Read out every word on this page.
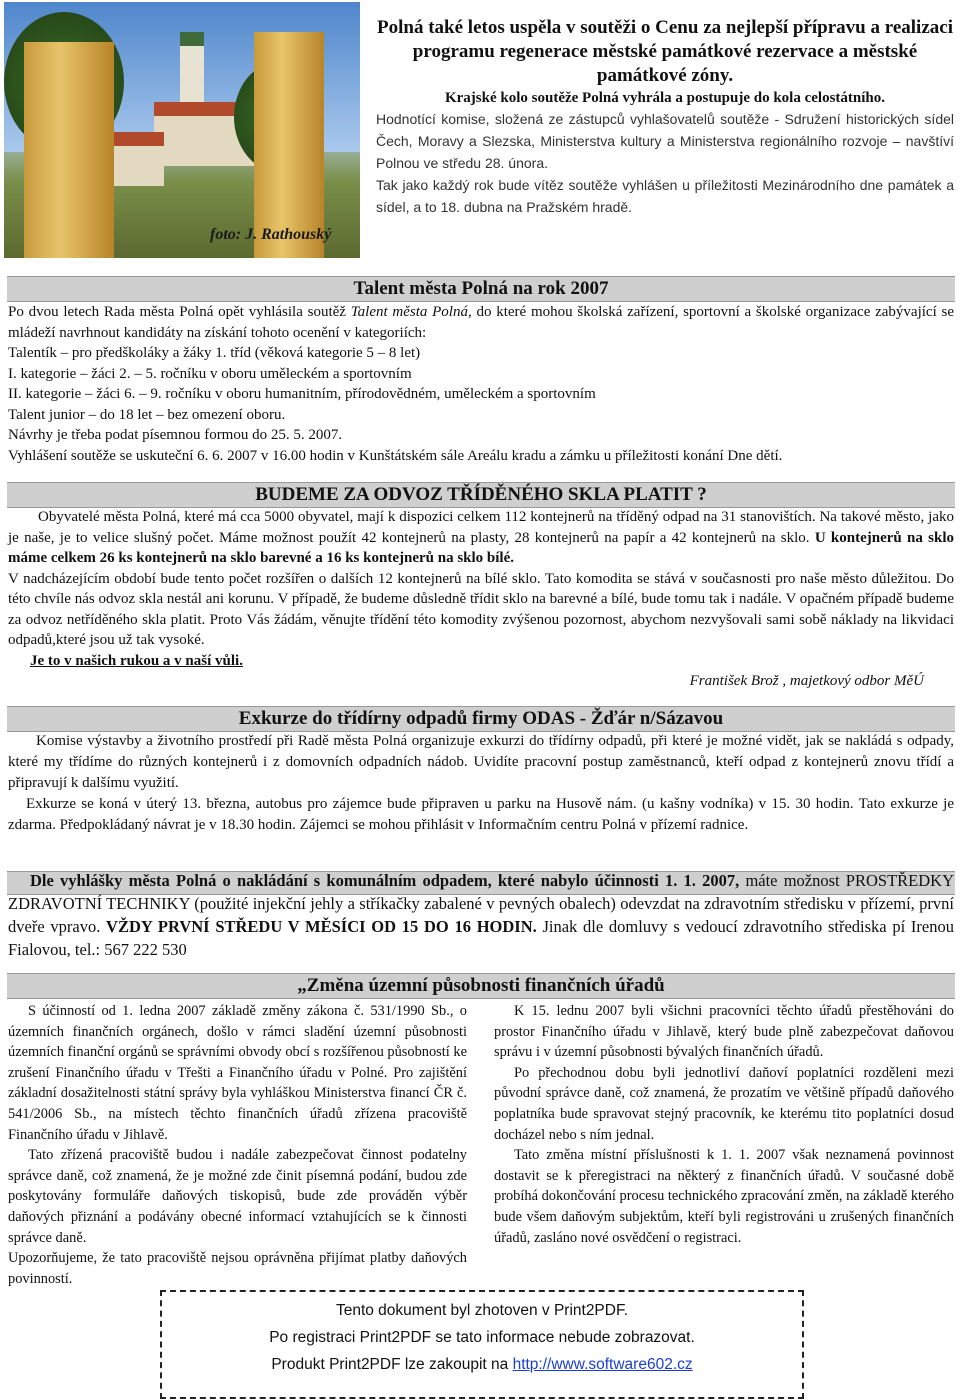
foto: J. Rathouský
Polná také letos uspěla v soutěži o Cenu za nejlepší přípravu a realizaci programu regenerace městské památkové rezervace a městské památkové zóny.
Krajské kolo soutěže Polná vyhrála a postupuje do kola celostátního.

Hodnotící komise, složená ze zástupců vyhlašovatelů soutěže - Sdružení historických sídel Čech, Moravy a Slezska, Ministerstva kultury a Ministerstva regionálního rozvoje – navštíví Polnou ve středu 28. února.

Tak jako každý rok bude vítěz soutěže vyhlášen u příležitosti Mezinárodního dne památek a sídel, a to 18. dubna na Pražském hradě.

Talent města Polná na rok 2007

Po dvou letech Rada města Polná opět vyhlásila soutěž Talent města Polná, do které mohou školská zařízení, sportovní a školské organizace zabývající se mládeží navrhnout kandidáty na získání tohoto ocenění v kategoriích:

Talentík – pro předškoláky a žáky 1. tříd (věková kategorie 5 – 8 let)

I. kategorie – žáci 2. – 5. ročníku v oboru uměleckém a sportovním

II. kategorie – žáci 6. – 9. ročníku v oboru humanitním, přírodovědném, uměleckém a sportovním

Talent junior – do 18 let – bez omezení oboru.

Návrhy je třeba podat písemnou formou do 25. 5. 2007.

Vyhlášení soutěže se uskuteční 6. 6. 2007 v 16.00 hodin v Kunštátském sále Areálu kradu a zámku u příležitosti konání Dne dětí.

BUDEME ZA ODVOZ TŘÍDĚNÉHO SKLA PLATIT ?

Obyvatelé města Polná, které má cca 5000 obyvatel, mají k dispozici celkem 112 kontejnerů na tříděný odpad na 31 stanovištích. Na takové město, jako je naše, je to velice slušný počet. Máme možnost použít 42 kontejnerů na plasty, 28 kontejnerů na papír a 42 kontejnerů na sklo. U kontejnerů na sklo máme celkem 26 ks kontejnerů na sklo barevné a 16 ks kontejnerů na sklo bílé.

V nadcházejícím období bude tento počet rozšířen o dalších 12 kontejnerů na bílé sklo. Tato komodita se stává v současnosti pro naše město důležitou. Do této chvíle nás odvoz skla nestál ani korunu. V případě, že budeme důsledně třídit sklo na barevné a bílé, bude tomu tak i nadále. V opačném případě budeme za odvoz netříděného skla platit. Proto Vás žádám, věnujte třídění této komodity zvýšenou pozornost, abychom nezvyšovali sami sobě náklady na likvidaci odpadů,které jsou už tak vysoké.

Je to v našich rukou a v naší vůli.

František Brož , majetkový odbor MěÚ

Exkurze do třídírny odpadů firmy ODAS - Žďár n/Sázavou

Komise výstavby a životního prostředí při Radě města Polná organizuje exkurzi do třídírny odpadů, při které je možné vidět, jak se nakládá s odpady, které my třídíme do různých kontejnerů i z domovních odpadních nádob. Uvidíte pracovní postup zaměstnanců, kteří odpad z kontejnerů znovu třídí a připravují k dalšímu využití.

Exkurze se koná v úterý 13. března, autobus pro zájemce bude připraven u parku na Husově nám. (u kašny vodníka) v 15. 30 hodin. Tato exkurze je zdarma. Předpokládaný návrat je v 18.30 hodin. Zájemci se mohou přihlásit v Informačním centru Polná v přízemí radnice.

Dle vyhlášky města Polná o nakládání s komunálním odpadem, které nabylo účinnosti 1. 1. 2007, máte možnost PROSTŘEDKY ZDRAVOTNÍ TECHNIKY (použité injekční jehly a stříkačky zabalené v pevných obalech) odevzdat na zdravotním středisku v přízemí, první dveře vpravo. VŽDY PRVNÍ STŘEDU V MĚSÍCI OD 15 DO 16 HODIN. Jinak dle domluvy s vedoucí zdravotního střediska pí Irenou Fialovou, tel.: 567 222 530

„Změna územní působnosti finančních úřadů

S účinností od 1. ledna 2007 základě změny zákona č. 531/1990 Sb., o územních finančních orgánech, došlo v rámci sladění územní působnosti územních finanční orgánů se správními obvody obcí s rozšířenou působností ke zrušení Finančního úřadu v Třešti a Finančního úřadu v Polné. Pro zajištění základní dosažitelnosti státní správy byla vyhláškou Ministerstva financí ČR č. 541/2006 Sb., na místech těchto finančních úřadů zřízena pracoviště Finančního úřadu v Jihlavě.

Tato zřízená pracoviště budou i nadále zabezpečovat činnost podatelny správce daně, což znamená, že je možné zde činit písemná podání, budou zde poskytovány formuláře daňových tiskopisů, bude zde prováděn výběr daňových přiznání a podávány obecné informací vztahujících se k činnosti správce daně.

Upozorňujeme, že tato pracoviště nejsou oprávněna přijímat platby daňových povinností.

K 15. lednu 2007 byli všichni pracovníci těchto úřadů přestěhováni do prostor Finančního úřadu v Jihlavě, který bude plně zabezpečovat daňovou správu i v územní působnosti bývalých finančních úřadů.

Po přechodnou dobu byli jednotliví daňoví poplatníci rozděleni mezi původní správce daně, což znamená, že prozatím ve většině případů daňového poplatníka bude spravovat stejný pracovník, ke kterému tito poplatníci dosud docházel nebo s ním jednal.

Tato změna místní příslušnosti k 1. 1. 2007 však neznamená povinnost dostavit se k přeregistraci na některý z finančních úřadů. V současné době probíhá dokončování procesu technického zpracování změn, na základě kterého bude všem daňovým subjektům, kteří byli registrováni u zrušených finančních úřadů, zasláno nové osvědčení o registraci.

Tento dokument byl zhotoven v Print2PDF.
Po registraci Print2PDF se tato informace nebude zobrazovat.
Produkt Print2PDF lze zakoupit na http://www.software602.cz
